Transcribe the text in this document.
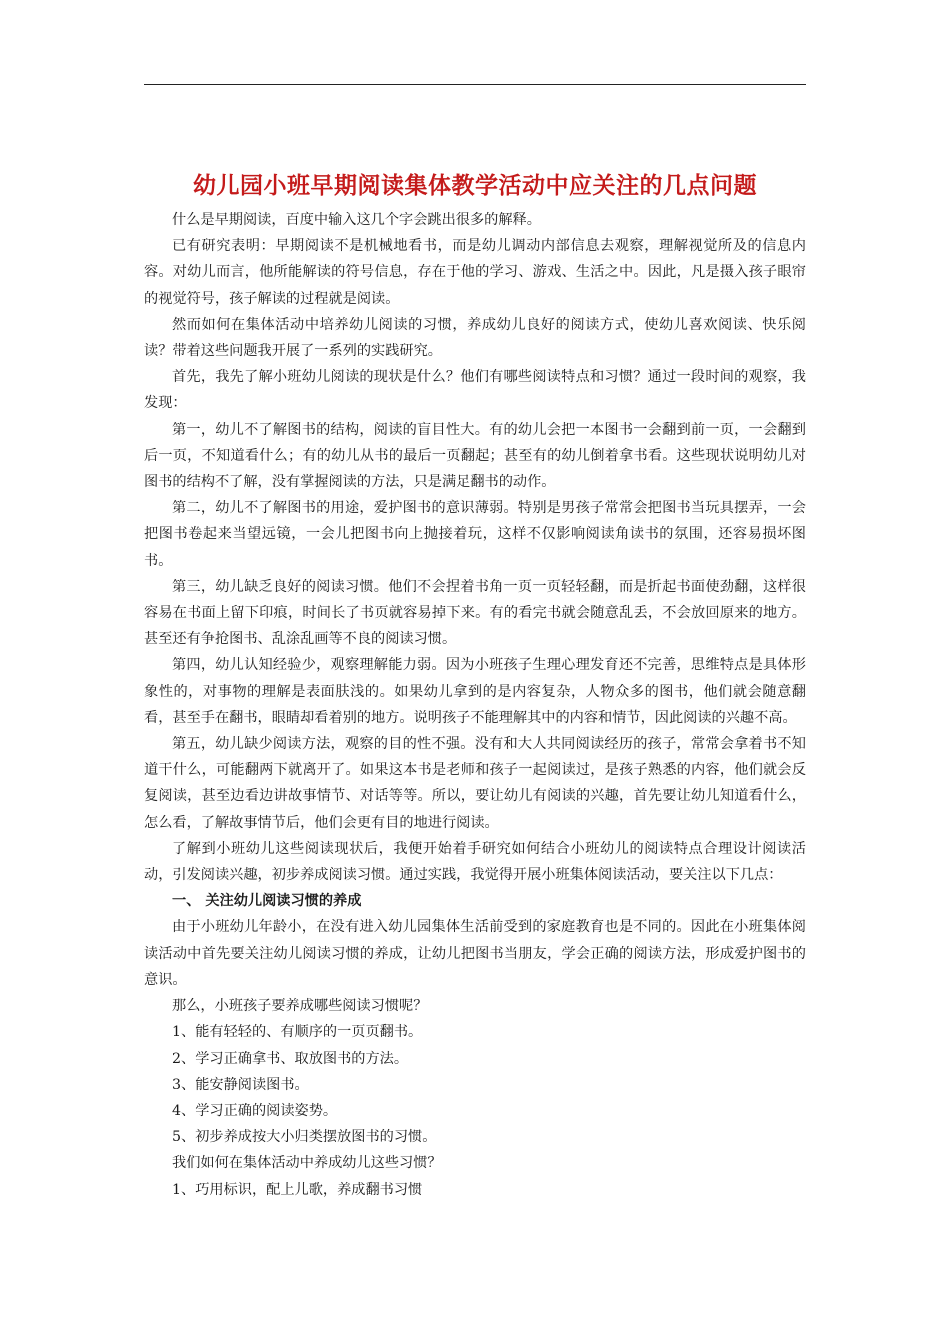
幼儿园小班早期阅读集体教学活动中应关注的几点问题

什么是早期阅读，百度中输入这几个字会跳出很多的解释。

已有研究表明：早期阅读不是机械地看书，而是幼儿调动内部信息去观察，理解视觉所及的信息内容。对幼儿而言，他所能解读的符号信息，存在于他的学习、游戏、生活之中。因此，凡是摄入孩子眼帘的视觉符号，孩子解读的过程就是阅读。

然而如何在集体活动中培养幼儿阅读的习惯，养成幼儿良好的阅读方式，使幼儿喜欢阅读、快乐阅读？带着这些问题我开展了一系列的实践研究。

首先，我先了解小班幼儿阅读的现状是什么？他们有哪些阅读特点和习惯？通过一段时间的观察，我发现：

第一，幼儿不了解图书的结构，阅读的盲目性大。有的幼儿会把一本图书一会翻到前一页，一会翻到后一页，不知道看什么；有的幼儿从书的最后一页翻起；甚至有的幼儿倒着拿书看。这些现状说明幼儿对图书的结构不了解，没有掌握阅读的方法，只是满足翻书的动作。

第二，幼儿不了解图书的用途，爱护图书的意识薄弱。特别是男孩子常常会把图书当玩具摆弄，一会把图书卷起来当望远镜，一会儿把图书向上抛接着玩，这样不仅影响阅读角读书的氛围，还容易损坏图书。

第三，幼儿缺乏良好的阅读习惯。他们不会捏着书角一页一页轻轻翻，而是折起书面使劲翻，这样很容易在书面上留下印痕，时间长了书页就容易掉下来。有的看完书就会随意乱丢，不会放回原来的地方。甚至还有争抢图书、乱涂乱画等不良的阅读习惯。

第四，幼儿认知经验少，观察理解能力弱。因为小班孩子生理心理发育还不完善，思维特点是具体形象性的，对事物的理解是表面肤浅的。如果幼儿拿到的是内容复杂，人物众多的图书，他们就会随意翻看，甚至手在翻书，眼睛却看着别的地方。说明孩子不能理解其中的内容和情节，因此阅读的兴趣不高。

第五，幼儿缺少阅读方法，观察的目的性不强。没有和大人共同阅读经历的孩子，常常会拿着书不知道干什么，可能翻两下就离开了。如果这本书是老师和孩子一起阅读过，是孩子熟悉的内容，他们就会反复阅读，甚至边看边讲故事情节、对话等等。所以，要让幼儿有阅读的兴趣，首先要让幼儿知道看什么，怎么看，了解故事情节后，他们会更有目的地进行阅读。

了解到小班幼儿这些阅读现状后，我便开始着手研究如何结合小班幼儿的阅读特点合理设计阅读活动，引发阅读兴趣，初步养成阅读习惯。通过实践，我觉得开展小班集体阅读活动，要关注以下几点：

一、 关注幼儿阅读习惯的养成

由于小班幼儿年龄小，在没有进入幼儿园集体生活前受到的家庭教育也是不同的。因此在小班集体阅读活动中首先要关注幼儿阅读习惯的养成，让幼儿把图书当朋友，学会正确的阅读方法，形成爱护图书的意识。

那么，小班孩子要养成哪些阅读习惯呢？

1、能有轻轻的、有顺序的一页页翻书。

2、学习正确拿书、取放图书的方法。

3、能安静阅读图书。

4、学习正确的阅读姿势。

5、初步养成按大小归类摆放图书的习惯。

我们如何在集体活动中养成幼儿这些习惯？

1、巧用标识，配上儿歌，养成翻书习惯
